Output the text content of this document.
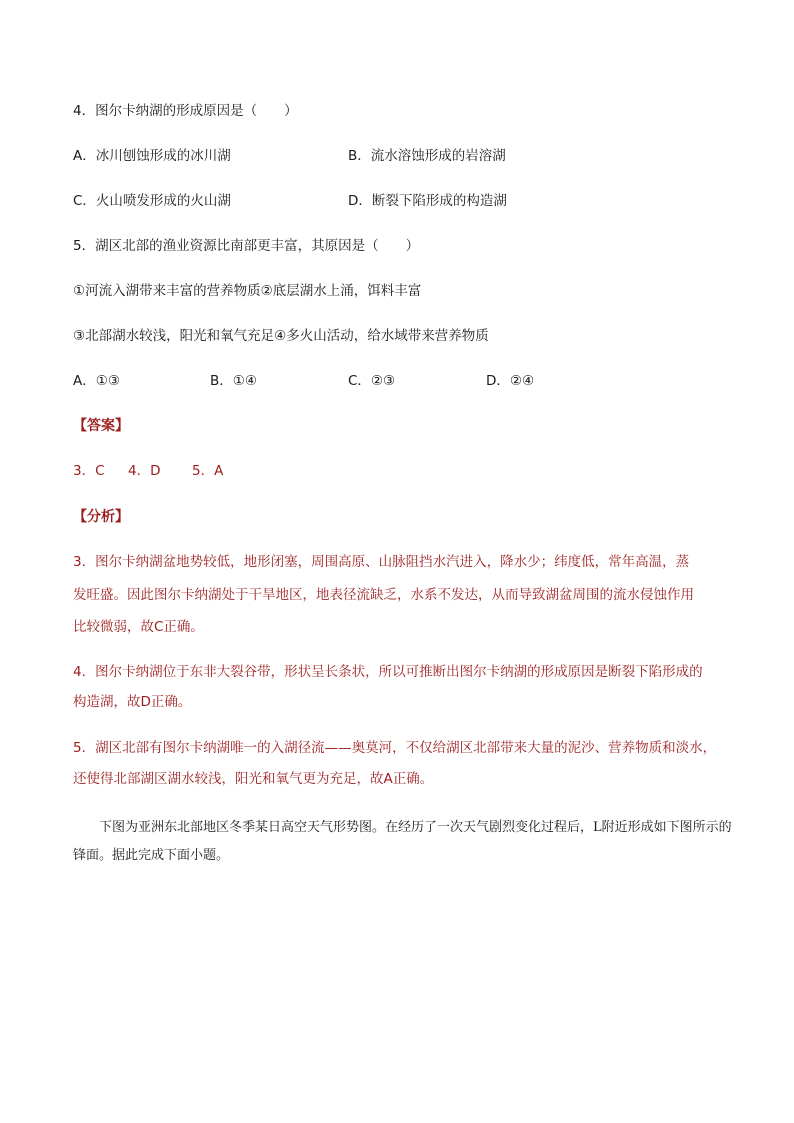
4．图尔卡纳湖的形成原因是（　　）
A．冰川刨蚀形成的冰川湖	B．流水溶蚀形成的岩溶湖
C．火山喷发形成的火山湖	D．断裂下陷形成的构造湖
5．湖区北部的渔业资源比南部更丰富，其原因是（　　）
①河流入湖带来丰富的营养物质②底层湖水上涌，饵料丰富
③北部湖水较浅，阳光和氧气充足④多火山活动，给水域带来营养物质
A．①③	B．①④	C．②③	D．②④
【答案】
3．C 4．D 5．A
【分析】
3．图尔卡纳湖盆地势较低，地形闭塞，周围高原、山脉阻挡水汽进入，降水少；纬度低，常年高温，蒸
发旺盛。因此图尔卡纳湖处于干旱地区，地表径流缺乏，水系不发达，从而导致湖盆周围的流水侵蚀作用
比较微弱，故C正确。
4．图尔卡纳湖位于东非大裂谷带，形状呈长条状，所以可推断出图尔卡纳湖的形成原因是断裂下陷形成的
构造湖，故D正确。
5．湖区北部有图尔卡纳湖唯一的入湖径流——奥莫河，不仅给湖区北部带来大量的泥沙、营养物质和淡水，
还使得北部湖区湖水较浅，阳光和氧气更为充足，故A正确。
下图为亚洲东北部地区冬季某日高空天气形势图。在经历了一次天气剧烈变化过程后，L附近形成如下图所示的锋面。据此完成下面小题。
